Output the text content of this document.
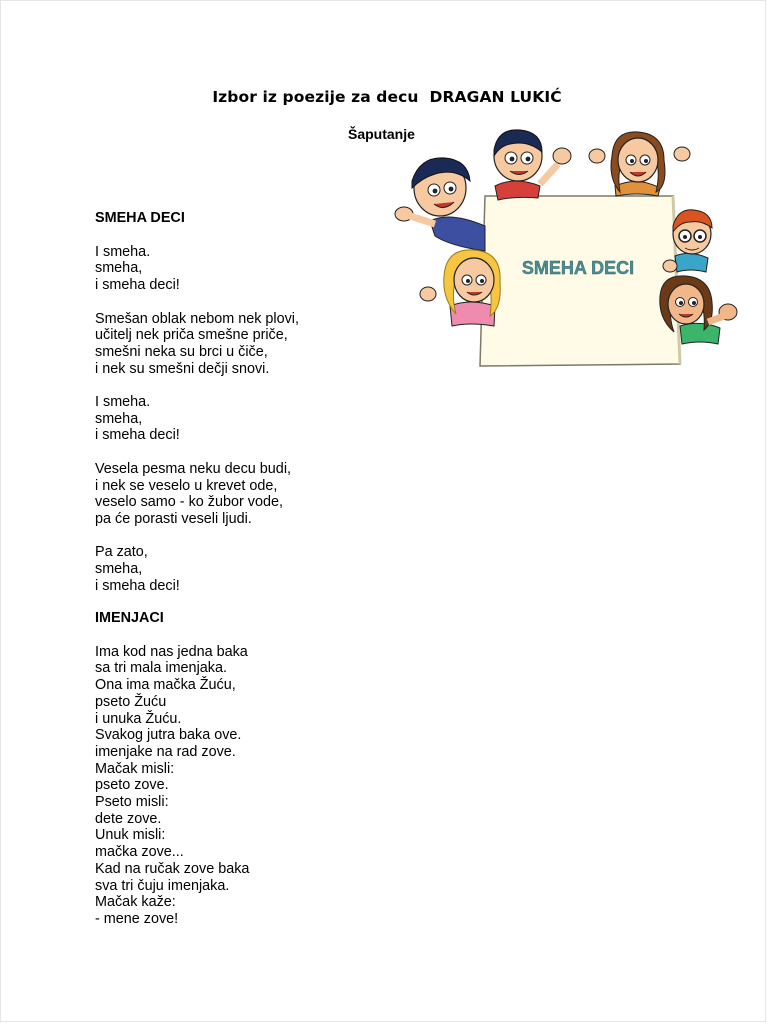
Izbor iz poezije za decu  DRAGAN LUKIĆ
Šaputanje
SMEHA DECI
SMEHA DECI
I smeha.
smeha,
i smeha deci!
Smešan oblak nebom nek plovi,
učitelj nek priča smešne priče,
smešni neka su brci u čiče,
i nek su smešni dečji snovi.
I smeha.
smeha,
i smeha deci!
Vesela pesma neku decu budi,
i nek se veselo u krevet ode,
veselo samo - ko žubor vode,
pa će porasti veseli ljudi.
Pa zato,
smeha,
i smeha deci!
IMENJACI
Ima kod nas jedna baka
sa tri mala imenjaka.
Ona ima mačka Žuću,
pseto Žuću
i unuka Žuću.
Svakog jutra baka ove.
imenjake na rad zove.
Mačak misli:
pseto zove.
Pseto misli:
dete zove.
Unuk misli:
mačka zove...
Kad na ručak zove baka
sva tri čuju imenjaka.
Mačak kaže:
- mene zove!
